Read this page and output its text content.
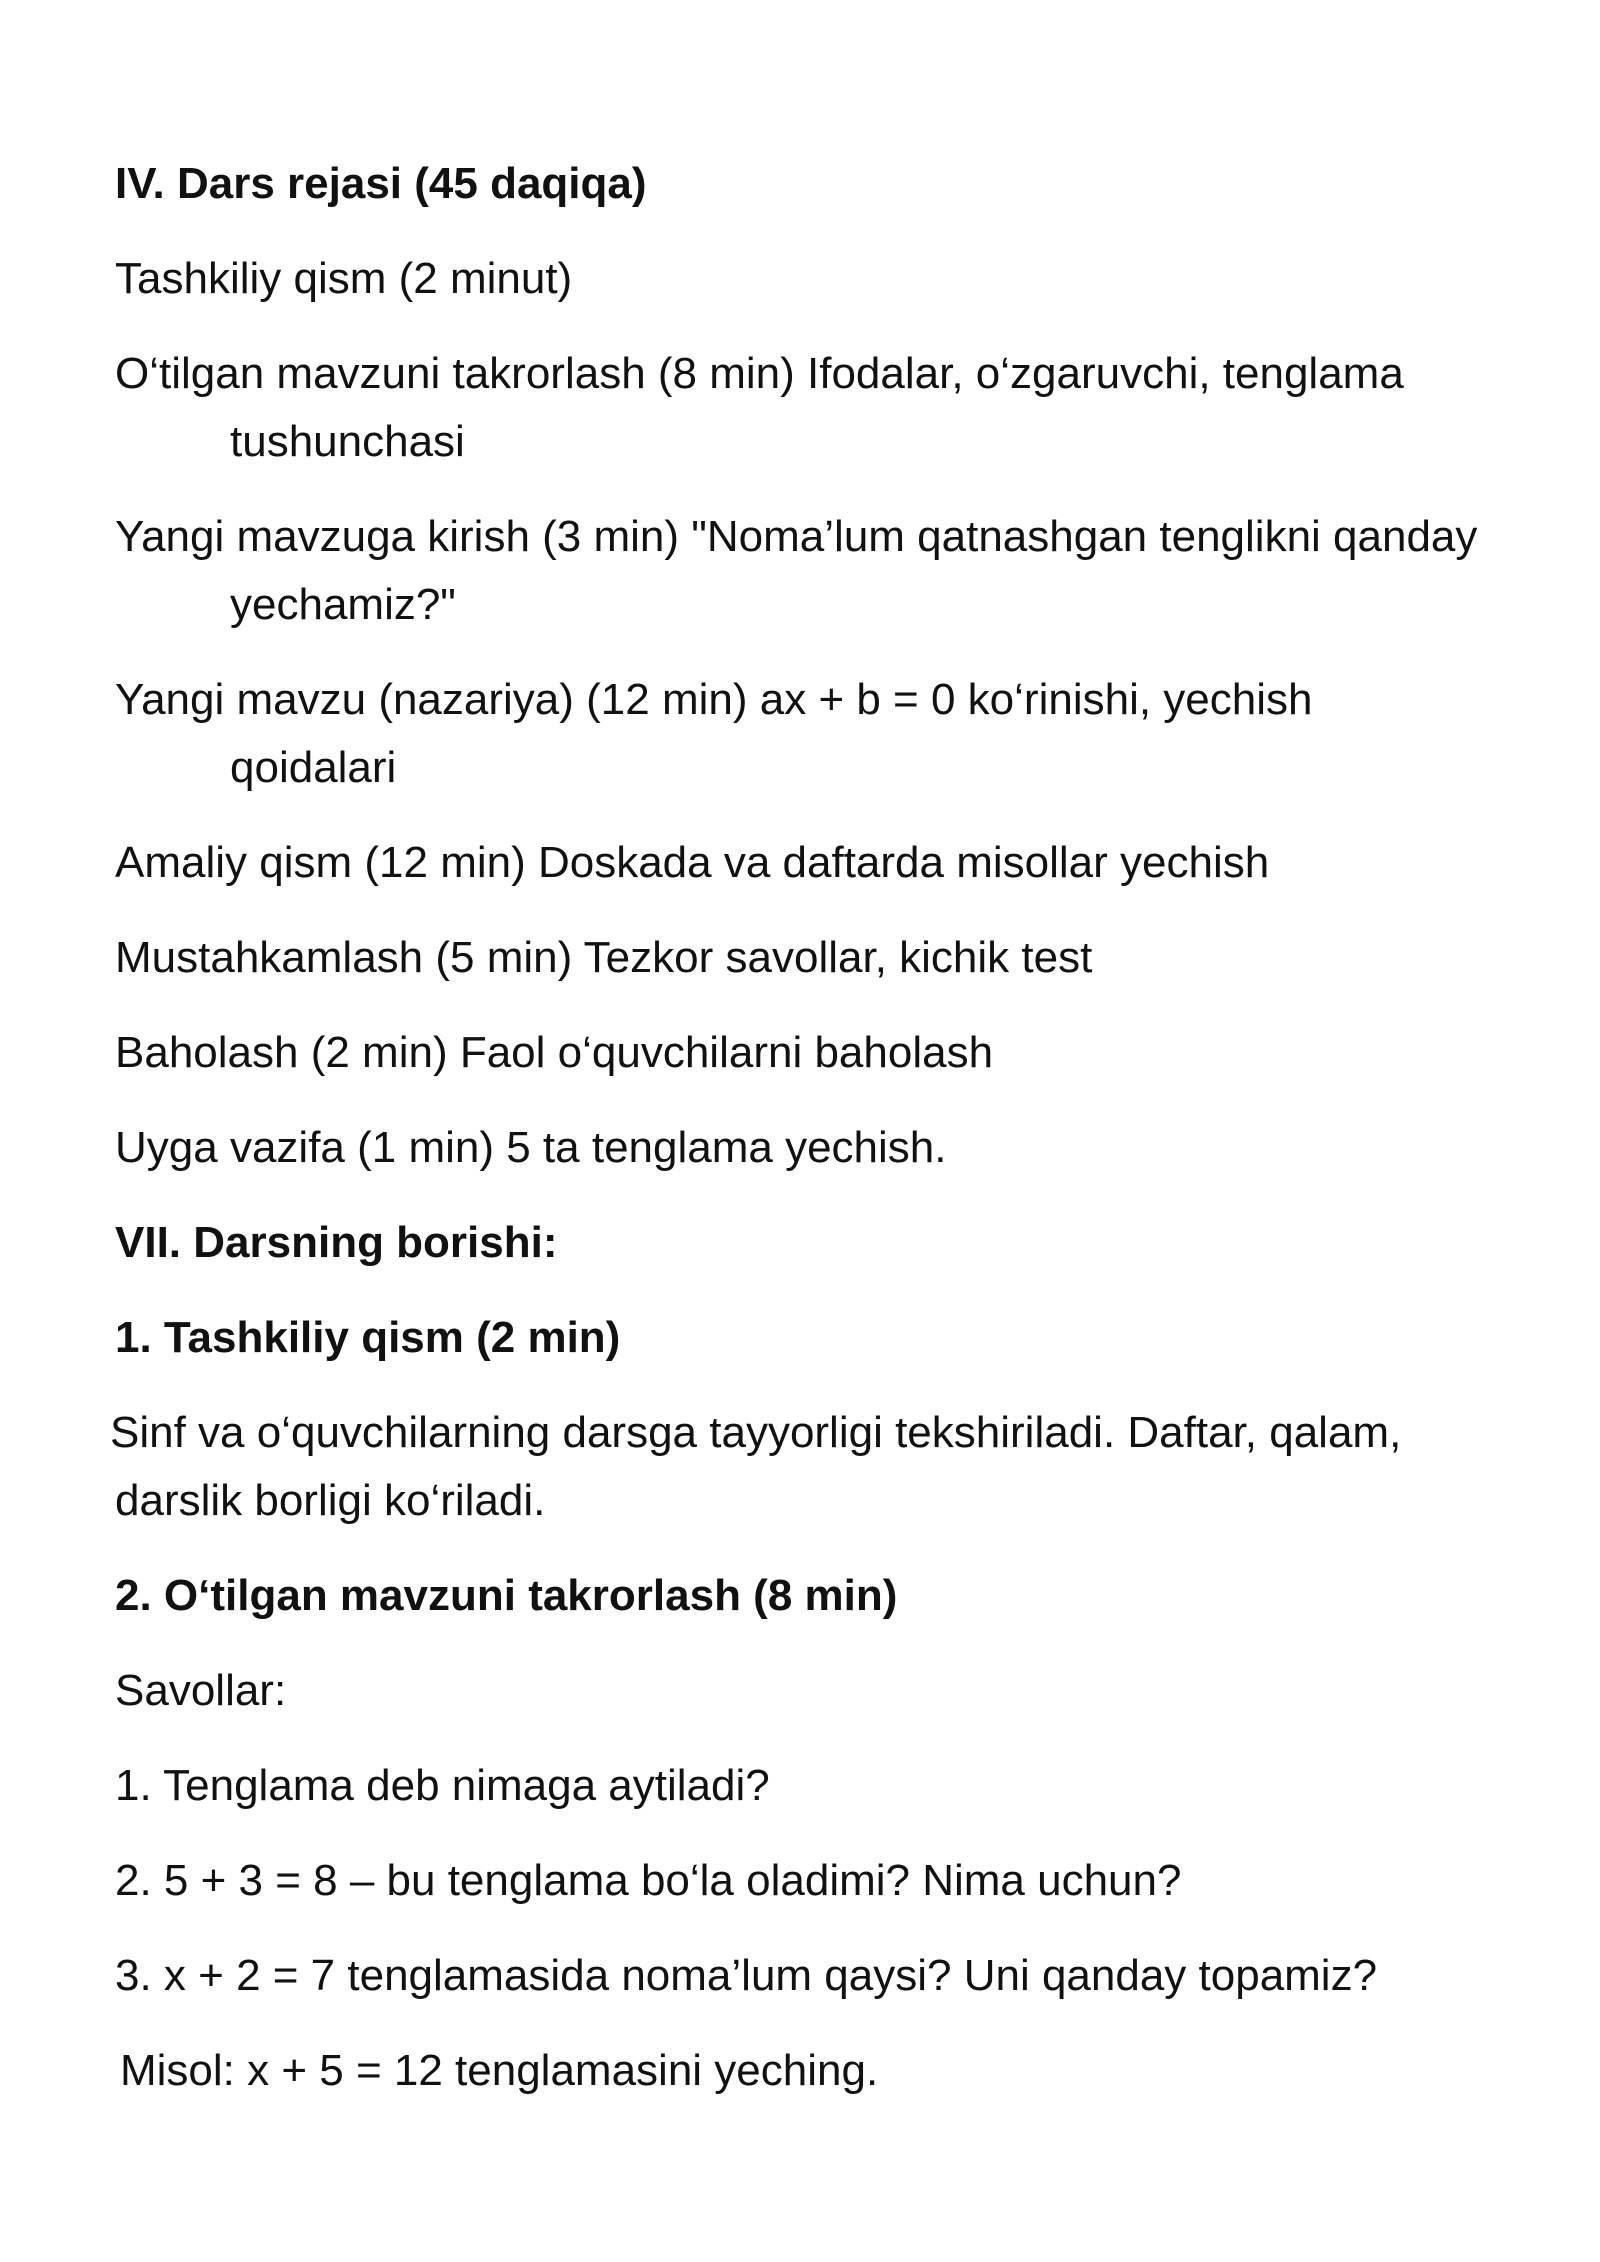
IV. Dars rejasi (45 daqiqa)
Tashkiliy qism (2 minut)
O‘tilgan mavzuni takrorlash (8 min) Ifodalar, o‘zgaruvchi, tenglama
tushunchasi
Yangi mavzuga kirish (3 min) "Noma’lum qatnashgan tenglikni qanday
yechamiz?"
Yangi mavzu (nazariya) (12 min) ax + b = 0 ko‘rinishi, yechish
qoidalari
Amaliy qism (12 min) Doskada va daftarda misollar yechish
Mustahkamlash (5 min) Tezkor savollar, kichik test
Baholash (2 min) Faol o‘quvchilarni baholash
Uyga vazifa (1 min) 5 ta tenglama yechish.
VII. Darsning borishi:
1. Tashkiliy qism (2 min)
Sinf va o‘quvchilarning darsga tayyorligi tekshiriladi. Daftar, qalam,
darslik borligi ko‘riladi.
2. O‘tilgan mavzuni takrorlash (8 min)
Savollar:
1. Tenglama deb nimaga aytiladi?
2. 5 + 3 = 8 – bu tenglama bo‘la oladimi? Nima uchun?
3. x + 2 = 7 tenglamasida noma’lum qaysi? Uni qanday topamiz?
Misol: x + 5 = 12 tenglamasini yeching.
